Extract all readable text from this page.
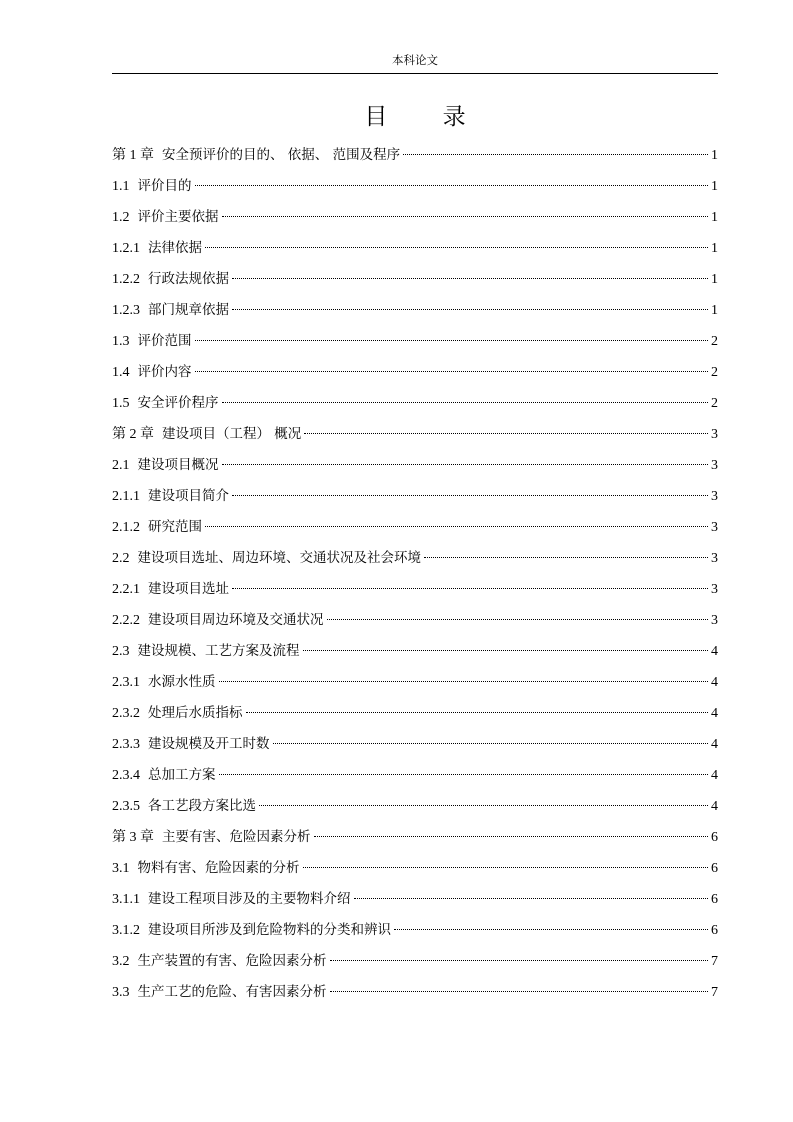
本科论文
目 录
第 1 章 安全预评价的目的、 依据、 范围及程序	1
1.1 评价目的	1
1.2 评价主要依据	1
1.2.1 法律依据	1
1.2.2 行政法规依据	1
1.2.3 部门规章依据	1
1.3 评价范围	2
1.4 评价内容	2
1.5 安全评价程序	2
第 2 章 建设项目（工程） 概况	3
2.1 建设项目概况	3
2.1.1 建设项目简介	3
2.1.2 研究范围	3
2.2 建设项目选址、周边环境、交通状况及社会环境	3
2.2.1 建设项目选址	3
2.2.2 建设项目周边环境及交通状况	3
2.3 建设规模、工艺方案及流程	4
2.3.1 水源水性质	4
2.3.2 处理后水质指标	4
2.3.3 建设规模及开工时数	4
2.3.4 总加工方案	4
2.3.5 各工艺段方案比选	4
第 3 章 主要有害、危险因素分析	6
3.1 物料有害、危险因素的分析	6
3.1.1 建设工程项目涉及的主要物料介绍	6
3.1.2 建设项目所涉及到危险物料的分类和辨识	6
3.2 生产装置的有害、危险因素分析	7
3.3 生产工艺的危险、有害因素分析	7
